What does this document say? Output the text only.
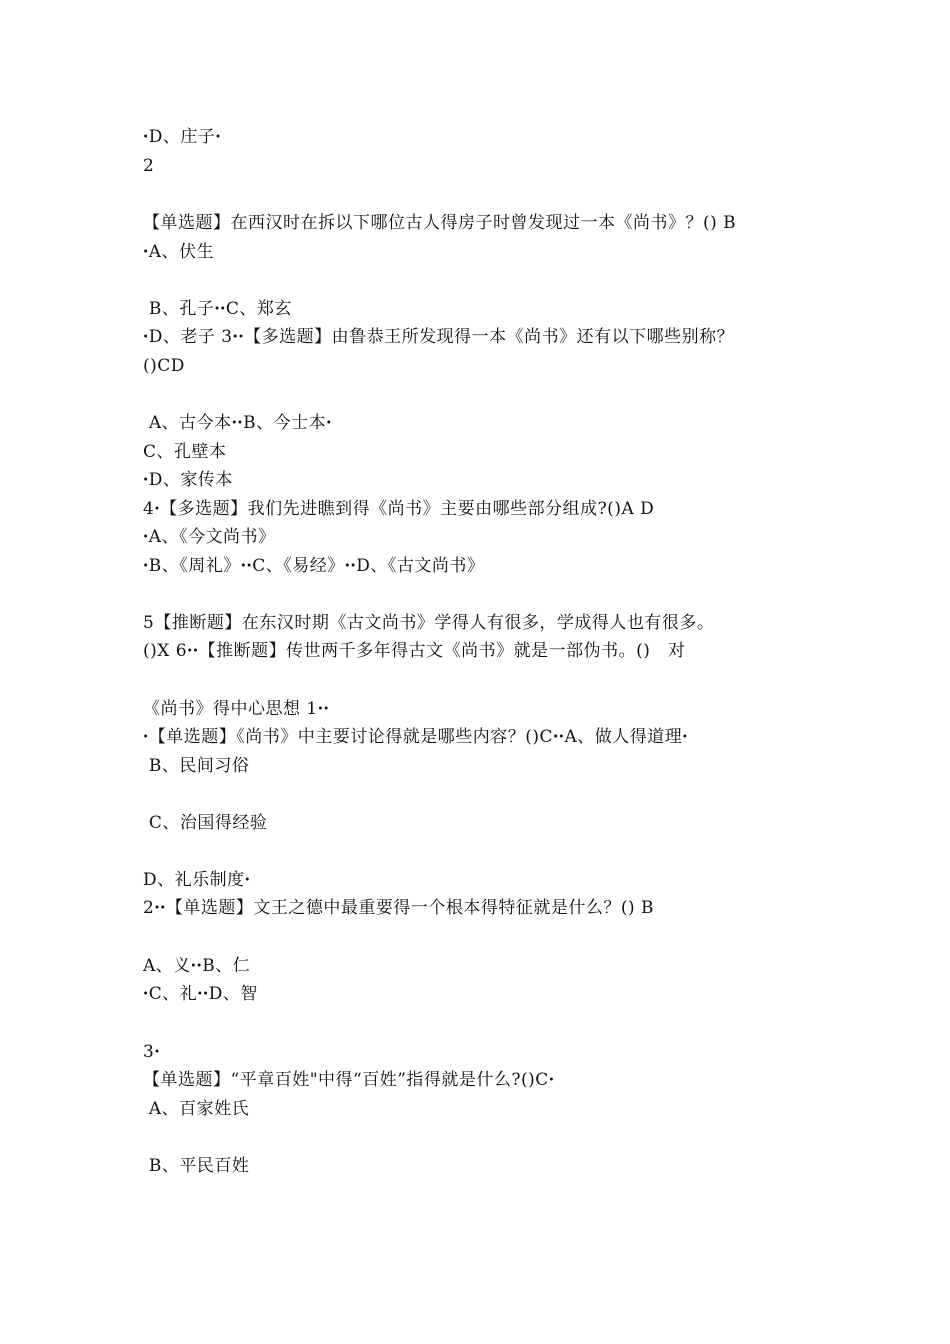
ꞏD、庄子ꞏ
2
【单选题】在西汉时在拆以下哪位古人得房子时曾发现过一本《尚书》？() B
ꞏA、伏生
B、孔子ꞏꞏC、郑玄
ꞏD、老子 3ꞏꞏ【多选题】由鲁恭王所发现得一本《尚书》还有以下哪些别称？
()CD
A、古今本ꞏꞏB、今士本ꞏ
C、孔壁本
ꞏD、家传本
4ꞏ【多选题】我们先进瞧到得《尚书》主要由哪些部分组成?()A D
ꞏA、《今文尚书》
ꞏB、《周礼》ꞏꞏC、《易经》ꞏꞏD、《古文尚书》
5【推断题】在东汉时期《古文尚书》学得人有很多，学成得人也有很多。
()X 6ꞏꞏ【推断题】传世两千多年得古文《尚书》就是一部伪书。()　对
《尚书》得中心思想 1ꞏꞏ
ꞏ【单选题】《尚书》中主要讨论得就是哪些内容？()CꞏꞏA、做人得道理ꞏ
B、民间习俗
C、治国得经验
D、礼乐制度ꞏ
2ꞏꞏ【单选题】文王之德中最重要得一个根本得特征就是什么？() B
A、义ꞏꞏB、仁
ꞏC、礼ꞏꞏD、智
3ꞏ
【单选题】“平章百姓"中得“百姓”指得就是什么?()Cꞏ
A、百家姓氏
B、平民百姓
